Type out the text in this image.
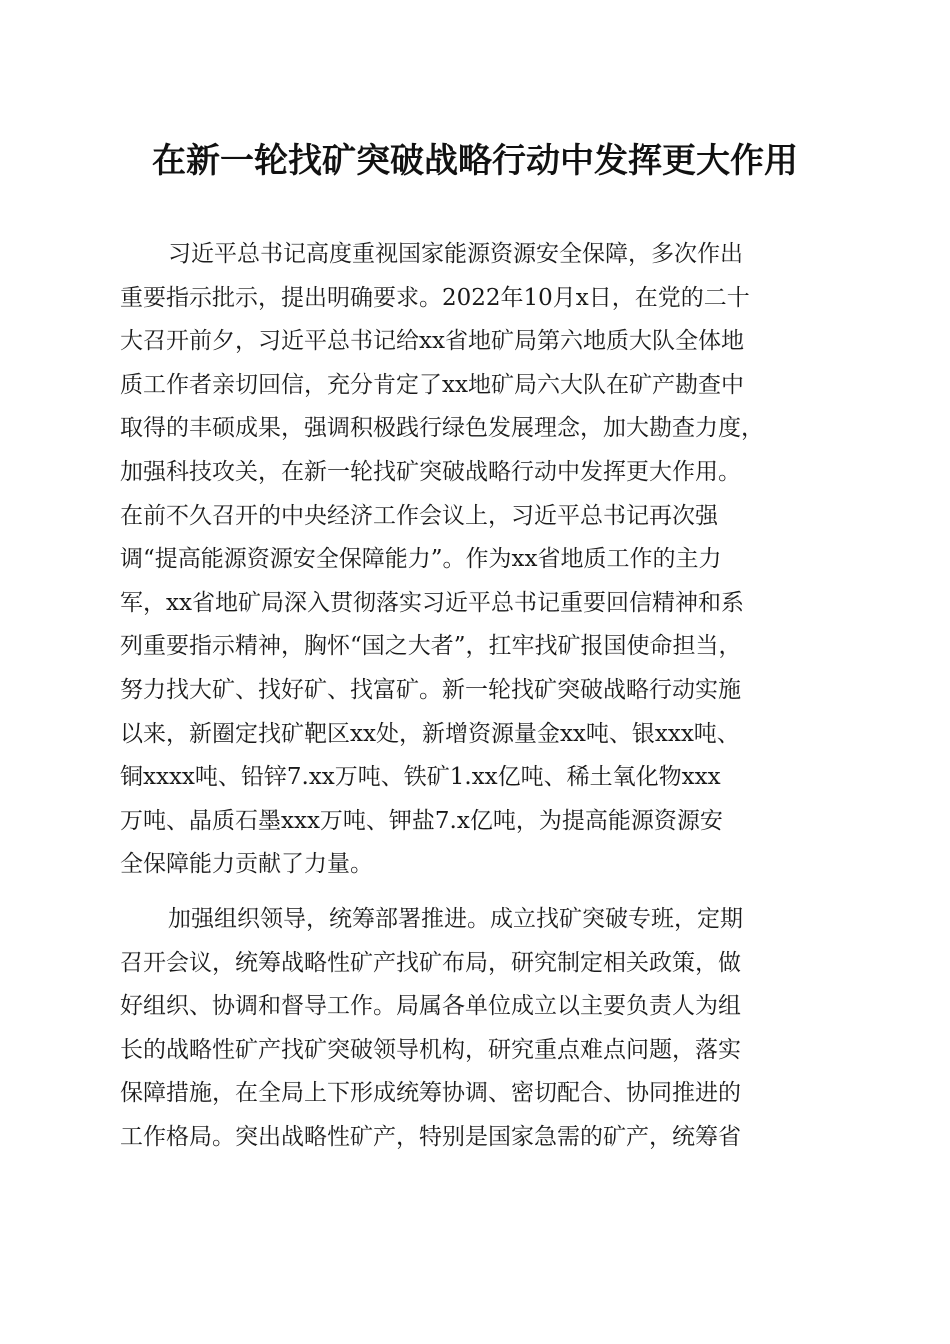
在新一轮找矿突破战略行动中发挥更大作用
习近平总书记高度重视国家能源资源安全保障，多次作出
重要指示批示，提出明确要求。2022年10月x日，在党的二十
大召开前夕，习近平总书记给xx省地矿局第六地质大队全体地
质工作者亲切回信，充分肯定了xx地矿局六大队在矿产勘查中
取得的丰硕成果，强调积极践行绿色发展理念，加大勘查力度，
加强科技攻关，在新一轮找矿突破战略行动中发挥更大作用。
在前不久召开的中央经济工作会议上，习近平总书记再次强
调“提高能源资源安全保障能力”。作为xx省地质工作的主力
军，xx省地矿局深入贯彻落实习近平总书记重要回信精神和系
列重要指示精神，胸怀“国之大者”，扛牢找矿报国使命担当，
努力找大矿、找好矿、找富矿。新一轮找矿突破战略行动实施
以来，新圈定找矿靶区xx处，新增资源量金xx吨、银xxx吨、
铜xxxx吨、铅锌7.xx万吨、铁矿1.xx亿吨、稀土氧化物xxx
万吨、晶质石墨xxx万吨、钾盐7.x亿吨，为提高能源资源安
全保障能力贡献了力量。
加强组织领导，统筹部署推进。成立找矿突破专班，定期
召开会议，统筹战略性矿产找矿布局，研究制定相关政策，做
好组织、协调和督导工作。局属各单位成立以主要负责人为组
长的战略性矿产找矿突破领导机构，研究重点难点问题，落实
保障措施，在全局上下形成统筹协调、密切配合、协同推进的
工作格局。突出战略性矿产，特别是国家急需的矿产，统筹省
